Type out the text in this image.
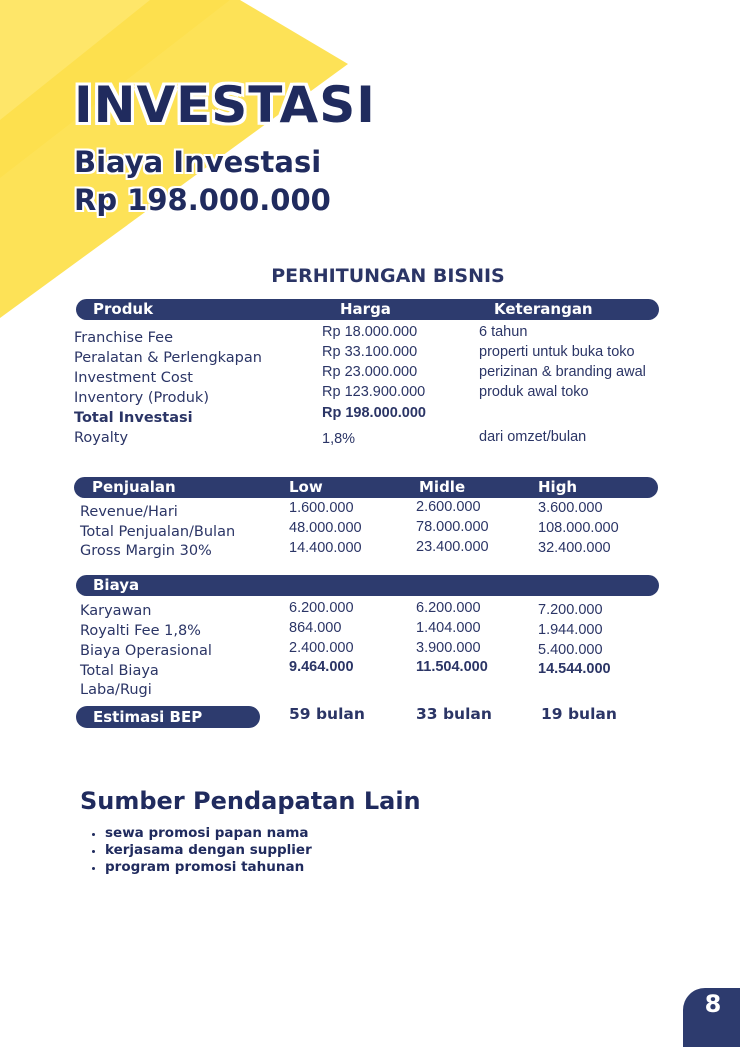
INVESTASI
Biaya Investasi
Rp 198.000.000
PERHITUNGAN BISNIS
Produk	Harga	Keterangan
Franchise Fee	Rp 18.000.000	6 tahun
Peralatan & Perlengkapan	Rp 33.100.000	properti untuk buka toko
Investment Cost	Rp 23.000.000	perizinan & branding awal
Inventory (Produk)	Rp 123.900.000	produk awal toko
Total Investasi	Rp 198.000.000
Royalty	1,8%	dari omzet/bulan
Penjualan	Low	Midle	High
Revenue/Hari	1.600.000	2.600.000	3.600.000
Total Penjualan/Bulan	48.000.000	78.000.000	108.000.000
Gross Margin 30%	14.400.000	23.400.000	32.400.000
Biaya
Karyawan	6.200.000	6.200.000	7.200.000
Royalti Fee 1,8%	864.000	1.404.000	1.944.000
Biaya Operasional	2.400.000	3.900.000	5.400.000
Total Biaya	9.464.000	11.504.000	14.544.000
Laba/Rugi
Estimasi BEP	59 bulan	33 bulan	19 bulan
Sumber Pendapatan Lain
sewa promosi papan nama
kerjasama dengan supplier
program promosi tahunan
8
